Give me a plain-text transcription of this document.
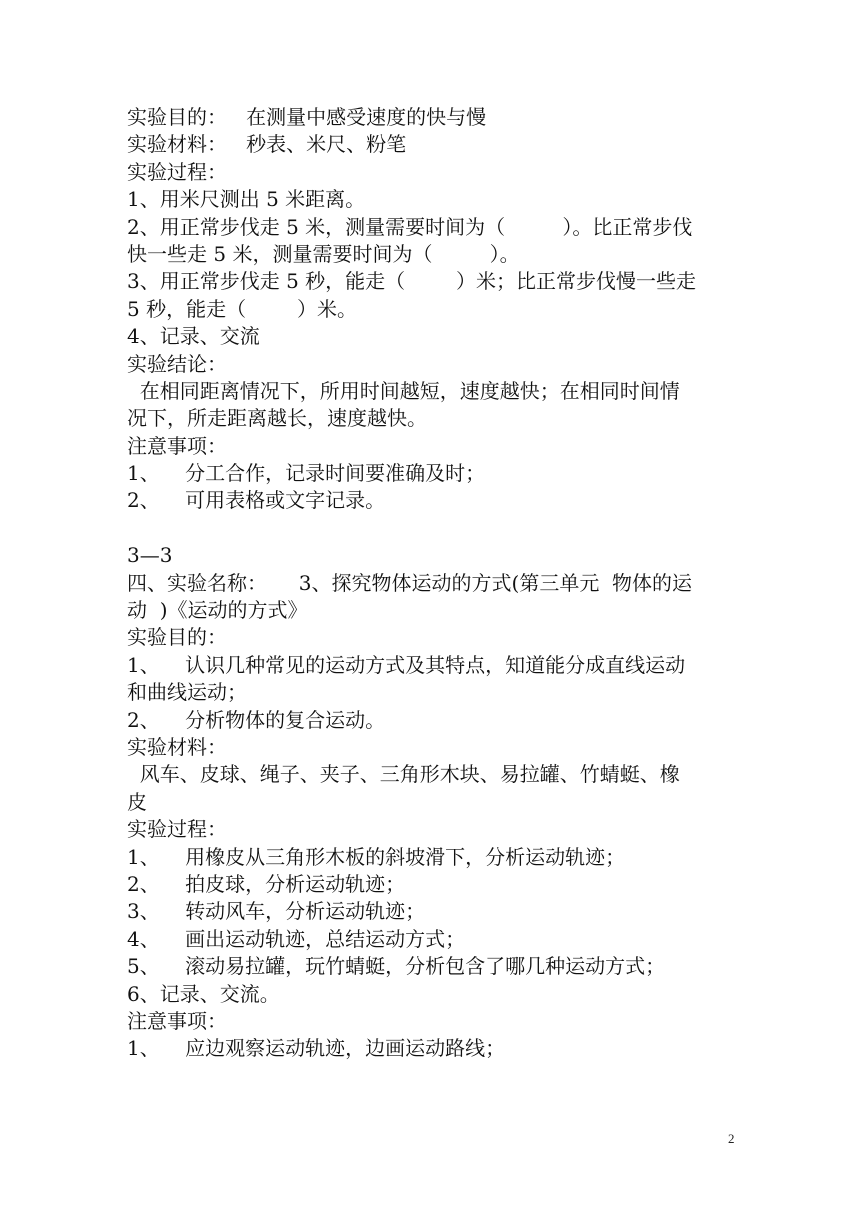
实验目的：   在测量中感受速度的快与慢
实验材料：   秒表、米尺、粉笔
实验过程：
1、用米尺测出 5 米距离。
2、用正常步伐走 5 米，测量需要时间为（         ）。比正常步伐
快一些走 5 米，测量需要时间为（         ）。
3、用正常步伐走 5 秒，能走（        ）米；比正常步伐慢一些走
5 秒，能走（        ）米。
4、记录、交流
实验结论：
在相同距离情况下，所用时间越短，速度越快；在相同时间情
况下，所走距离越长，速度越快。
注意事项：
1、    分工合作，记录时间要准确及时；
2、    可用表格或文字记录。
3—3
四、实验名称：     3、探究物体运动的方式(第三单元  物体的运
动  )《运动的方式》
实验目的：
1、    认识几种常见的运动方式及其特点，知道能分成直线运动
和曲线运动；
2、    分析物体的复合运动。
实验材料：
风车、皮球、绳子、夹子、三角形木块、易拉罐、竹蜻蜓、橡
皮
实验过程：
1、    用橡皮从三角形木板的斜坡滑下，分析运动轨迹；
2、    拍皮球，分析运动轨迹；
3、    转动风车，分析运动轨迹；
4、    画出运动轨迹，总结运动方式；
5、    滚动易拉罐，玩竹蜻蜓，分析包含了哪几种运动方式；
6、记录、交流。
注意事项：
1、    应边观察运动轨迹，边画运动路线；
2
